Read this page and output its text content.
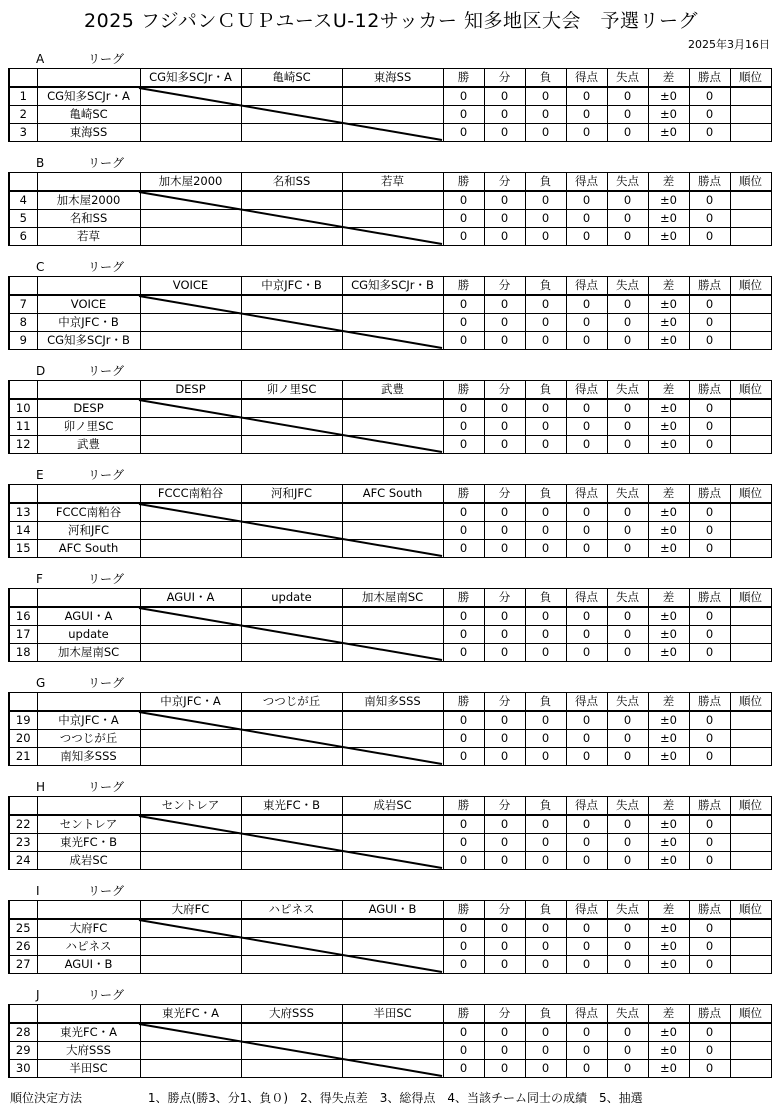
2025 フジパンＣＵＰユースU-12サッカー 知多地区大会　予選リーグ
2025年3月16日
A	リーグ
		CG知多SCJr・A	亀崎SC	東海SS	勝	分	負	得点	失点	差	勝点	順位
1	CG知多SCJr・A				0	0	0	0	0	±0	0	
2	亀崎SC				0	0	0	0	0	±0	0	
3	東海SS				0	0	0	0	0	±0	0	
B	リーグ
		加木屋2000	名和SS	若草	勝	分	負	得点	失点	差	勝点	順位
4	加木屋2000				0	0	0	0	0	±0	0	
5	名和SS				0	0	0	0	0	±0	0	
6	若草				0	0	0	0	0	±0	0	
C	リーグ
		VOICE	中京JFC・B	CG知多SCJr・B	勝	分	負	得点	失点	差	勝点	順位
7	VOICE				0	0	0	0	0	±0	0	
8	中京JFC・B				0	0	0	0	0	±0	0	
9	CG知多SCJr・B				0	0	0	0	0	±0	0	
D	リーグ
		DESP	卯ノ里SC	武豊	勝	分	負	得点	失点	差	勝点	順位
10	DESP				0	0	0	0	0	±0	0	
11	卯ノ里SC				0	0	0	0	0	±0	0	
12	武豊				0	0	0	0	0	±0	0	
E	リーグ
		FCCC南粕谷	河和JFC	AFC South	勝	分	負	得点	失点	差	勝点	順位
13	FCCC南粕谷				0	0	0	0	0	±0	0	
14	河和JFC				0	0	0	0	0	±0	0	
15	AFC South				0	0	0	0	0	±0	0	
F	リーグ
		AGUI・A	update	加木屋南SC	勝	分	負	得点	失点	差	勝点	順位
16	AGUI・A				0	0	0	0	0	±0	0	
17	update				0	0	0	0	0	±0	0	
18	加木屋南SC				0	0	0	0	0	±0	0	
G	リーグ
		中京JFC・A	つつじが丘	南知多SSS	勝	分	負	得点	失点	差	勝点	順位
19	中京JFC・A				0	0	0	0	0	±0	0	
20	つつじが丘				0	0	0	0	0	±0	0	
21	南知多SSS				0	0	0	0	0	±0	0	
H	リーグ
		セントレア	東光FC・B	成岩SC	勝	分	負	得点	失点	差	勝点	順位
22	セントレア				0	0	0	0	0	±0	0	
23	東光FC・B				0	0	0	0	0	±0	0	
24	成岩SC				0	0	0	0	0	±0	0	
I	リーグ
		大府FC	ハピネス	AGUI・B	勝	分	負	得点	失点	差	勝点	順位
25	大府FC				0	0	0	0	0	±0	0	
26	ハピネス				0	0	0	0	0	±0	0	
27	AGUI・B				0	0	0	0	0	±0	0	
J	リーグ
		東光FC・A	大府SSS	半田SC	勝	分	負	得点	失点	差	勝点	順位
28	東光FC・A				0	0	0	0	0	±0	0	
29	大府SSS				0	0	0	0	0	±0	0	
30	半田SC				0	0	0	0	0	±0	0	
順位決定方法	1、勝点(勝3、分1、負０)　2、得失点差　3、総得点　4、当該チーム同士の成績　5、抽選
